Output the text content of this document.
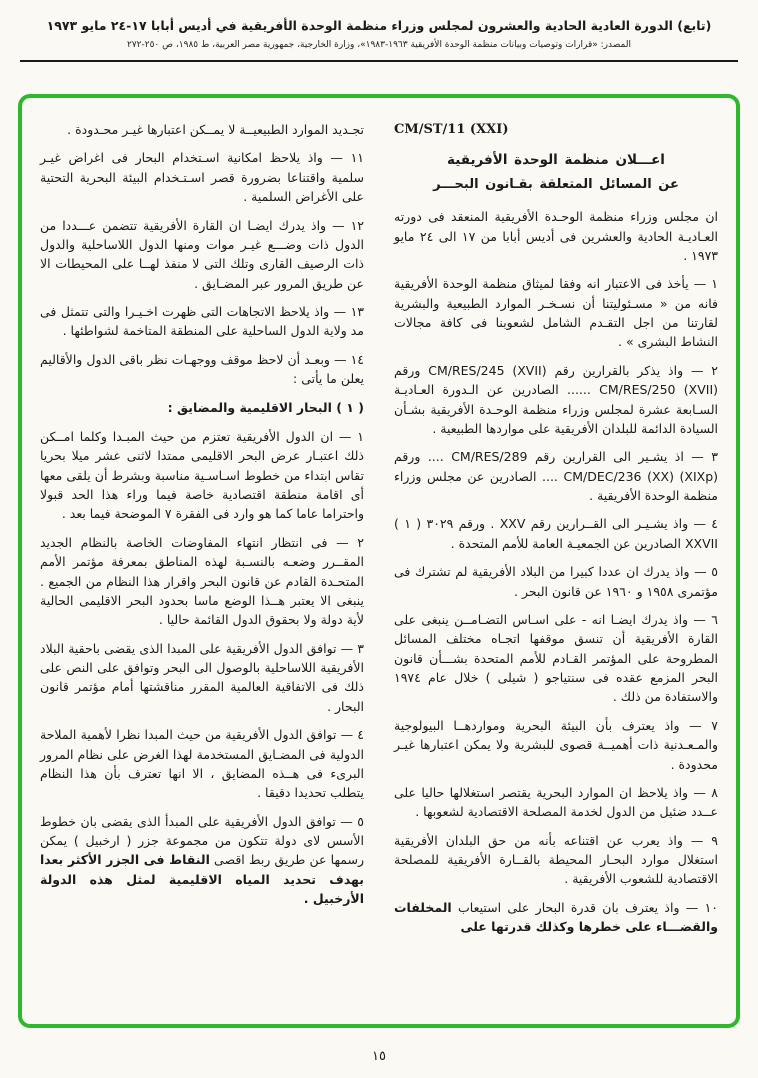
(تابع) الدورة العادية الحادية والعشرون لمجلس وزراء منظمة الوحدة الأفريقية في أديس أبابا ١٧-٢٤ مايو ١٩٧٣
المصدر: «قرارات وتوصيات وبيانات منظمة الوحدة الأفريقية ١٩٦٣-١٩٨٣»، وزارة الخارجية، جمهورية مصر العربية، ط ١٩٨٥، ص ٢٥٠-٢٧٢
CM/ST/11 (XXI)
اعـــلان منظمة الوحدة الأفريقية
عن المسائل المتعلقة بقـانون البحـــر

ان مجلس وزراء منظمة الوحـدة الأفريقية المنعقد فى دورته العـاديـة الحادية والعشرين فى أديس أبابا من ١٧ الى ٢٤ مايو ١٩٧٣ .

١ — يأخذ فى الاعتبار انه وفقا لميثاق منظمة الوحدة الأفريقية فانه من « مسـئوليتنا أن نسـخـر الموارد الطبيعية والبشرية لقارتنا من اجل التقـدم الشامل لشعوبنا فى كافة مجالات النشاط البشرى » .

٢ — واذ يذكر بالقرارين رقم CM/RES/245 (XVII) ورقم CM/RES/250 (XVII) ...... الصادرين عن الـدورة العـاديـة السـابعة عشرة لمجلس وزراء منظمة الوحـدة الأفريقية بشـأن السيادة الدائمة للبلدان الأفريقية على مواردها الطبيعية .

٣ — اذ يشـير الى القرارين رقم CM/RES/289 .... ورقم CM/DEC/236 (XX) (XIXp) .... الصادرين عن مجلس وزراء منظمة الوحدة الأفريقية .

٤ — واذ يشـيـر الى القــرارين رقم XXV . ورقم ٣٠٢٩ ( ١ ) XXVII الصادرين عن الجمعيـة العامة للأمم المتحدة .

٥ — واذ يدرك ان عددا كبيرا من البلاد الأفريقية لم تشترك فى مؤتمرى ١٩٥٨ و ١٩٦٠ عن قانون البحر .

٦ — واذ يدرك ايضـا انه - على اسـاس التضـامــن ينبغى على القارة الأفريقية أن تنسق موقفها اتجـاه مختلف المسائل المطروحة على المؤتمر القـادم للأمم المتحدة بشـــأن قانون البحر المزمع عقده فى سنتياجو ( شيلى ) خلال عام ١٩٧٤ والاستفادة من ذلك .

٧ — واذ يعترف بأن البيئة البحرية ومواردهــا البيولوجية والمـعـدنية ذات أهميــة قصوى للبشرية ولا يمكن اعتبارها غيـر محدودة .

٨ — واذ يلاحظ ان الموارد البحرية يقتصر استغلالها حاليا على عــدد ضئيل من الدول لخدمة المصلحة الاقتصادية لشعوبها .

٩ — واذ يعرب عن اقتناعه بأنه من حق البلدان الأفريقية استغلال موارد البحـار المحيطة بالقــارة الأفريقية للمصلحة الاقتصادية للشعوب الأفريقية .

١٠ — واذ يعترف بان قدرة البحار على استيعاب المخلفات والقضـــاء على خطرها وكذلك قدرتها على

تجـديد الموارد الطبيعيــة لا يمــكن اعتبارها غيـر محـدودة .

١١ — واذ يلاحظ امكانية اسـتخدام البحار فى اغراض غيـر سلمية واقتناعا بضرورة قصر اسـتـخدام البيئة البحرية التحتية على الأغراض السلمية .

١٢ — واذ يدرك ايضـا ان القارة الأفريقية تتضمن عـــددا من الدول ذات وضـــع غيـر موات ومنها الدول اللاساحلية والدول ذات الرصيف القارى وتلك التى لا منفذ لهــا على المحيطات الا عن طريق المرور عبر المضـايق .

١٣ — واذ يلاحظ الاتجاهات التى ظهرت اخـيـرا والتى تتمثل فى مد ولاية الدول الساحلية على المنطقة المتاخمة لشواطئها .

١٤ — وبعـد أن لاحظ موقف ووجهـات نظر باقى الدول والأقاليم يعلن ما يأتى :

( ١ ) البحار الاقليمية والمضايق :

١ — ان الدول الأفريقية تعتزم من حيث المبـدا وكلما امــكن ذلك اعتبـار عرض البحر الاقليمى ممتدا لاثنى عشر ميلا بحريا تقاس ابتداء من خطوط اسـاسـية مناسبة وبشرط أن يلقى معها أى اقامة منطقة اقتصادية خاصة فيما وراء هذا الحد قبولا واحتراما عاما كما هو وارد فى الفقرة ٧ الموضحة فيما بعد .

٢ — فى انتظار انتهاء المفاوضات الخاصة بالنظام الجديد المقــرر وضعـه بالنسـبة لهذه المناطق بمعرفة مؤتمر الأمم المتحـدة القادم عن قانون البحر واقرار هذا النظام من الجميع . ينبغى الا يعتبر هــذا الوضع ماسا بحدود البحر الاقليمى الحالية لأية دولة ولا بحقوق الدول القائمة حاليا .

٣ — توافق الدول الأفريقية على المبدا الذى يقضى باحقية البلاد الأفريقية اللاساحلية بالوصول الى البحر وتوافق على النص على ذلك فى الاتفاقية العالمية المقرر مناقشتها أمام مؤتمر قانون البحار .

٤ — توافق الدول الأفريقية من حيث المبدا نظرا لأهمية الملاحة الدولية فى المضـايق المستخدمة لهذا الغرض على نظام المرور البرىء فى هــذه المضايق ، الا انها تعترف بأن هذا النظام يتطلب تحديدا دقيقا .

٥ — توافق الدول الأفريقية على المبدأ الذى يقضى بان خطوط الأسس لاى دولة تتكون من مجموعة جزر ( ارخبيل ) يمكن رسمها عن طريق ربط اقصى النقاط فى الجزر الأكثر بعدا بهدف تحديد المياه الاقليمية لمثل هذه الدولة الأرخبيل .

١٥
